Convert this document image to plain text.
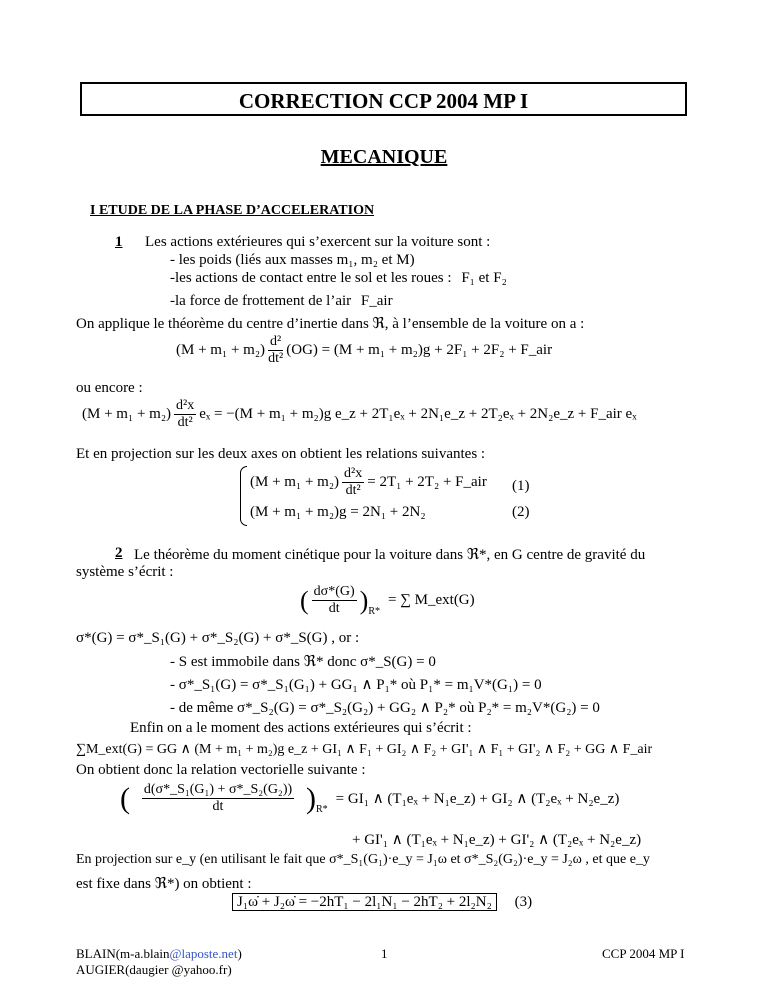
CORRECTION CCP 2004 MP I
MECANIQUE
I ETUDE DE LA PHASE D’ACCELERATION
1 Les actions extérieures qui s’exercent sur la voiture sont :
- les poids (liés aux masses m₁, m₂ et M)
-les actions de contact entre le sol et les roues : F₁ et F₂
-la force de frottement de l’air F_air
On applique le théorème du centre d’inertie dans ℜ, à l’ensemble de la voiture on a :
$(M + m_1 + m_2) \frac{\text{d²}}{\text{dt²}} (OG) = (M + m_1 + m_2)g + 2F_1 + 2F_2$ + F_air
ou encore :
$(M + m_1 + m_2) \frac{\text{d²x}}{\text{dt²}}$ eₓ = −(M + m₁ + m₂)g e_z + 2T₁eₓ + 2N₁e_z + 2T₂eₓ + 2N₂e_z + F_air eₓ
Et en projection sur les deux axes on obtient les relations suivantes :
$(M + m_1 + m_2) \frac{\text{d²x}}{\text{dt²}} = 2T_1 + 2T_2$ + F_air (1)
(M + m₁ + m₂)g = 2N₁ + 2N₂	(2)
2 Le théorème du moment cinétique pour la voiture dans ℜ*, en G centre de gravité du
système s’écrit :
( $\frac{d\sigma*(G)}{dt} )_{R*}$
= ∑ M_ext(G)
σ*(G) = σ*_S₁(G) + σ*_S₂(G) + σ*_S(G) , or :
- S est immobile dans ℜ* donc σ*_S(G) = 0
- σ*_S₁(G) = σ*_S₁(G₁) + GG₁ ∧ P₁* où P₁* = m₁V*(G₁) = 0
- de même σ*_S₂(G) = σ*_S₂(G₂) + GG₂ ∧ P₂* où P₂* = m₂V*(G₂) = 0
Enfin on a le moment des actions extérieures qui s’écrit :
∑M_ext(G) = GG ∧ (M + m₁ + m₂)g e_z + GI₁ ∧ F₁ + GI₂ ∧ F₂ + GI'₁ ∧ F₁ + GI'₂ ∧ F₂ + GG ∧ F_air
On obtient donc la relation vectorielle suivante :
( $\frac{\text{d(σ*\_S₁(G₁) + σ*\_S₂(G₂))}}{dt} )_{R*}$
= GI₁ ∧ (T₁eₓ + N₁e_z) + GI₂ ∧ (T₂eₓ + N₂e_z)
+ GI'₁ ∧ (T₁eₓ + N₁e_z) + GI'₂ ∧ (T₂eₓ + N₂e_z)
En projection sur e_y (en utilisant le fait que σ*_S₁(G₁)·e_y = J₁ω et σ*_S₂(G₂)·e_y = J₂ω , et que e_y
est fixe dans ℜ*) on obtient :
J₁ω̇ + J₂ω̇ = −2hT₁ − 2l₁N₁ − 2hT₂ + 2l₂N₂ (3)
BLAIN(m-a.blain@laposte.net)
AUGIER(daugier @yahoo.fr)
1	CCP 2004 MP I
